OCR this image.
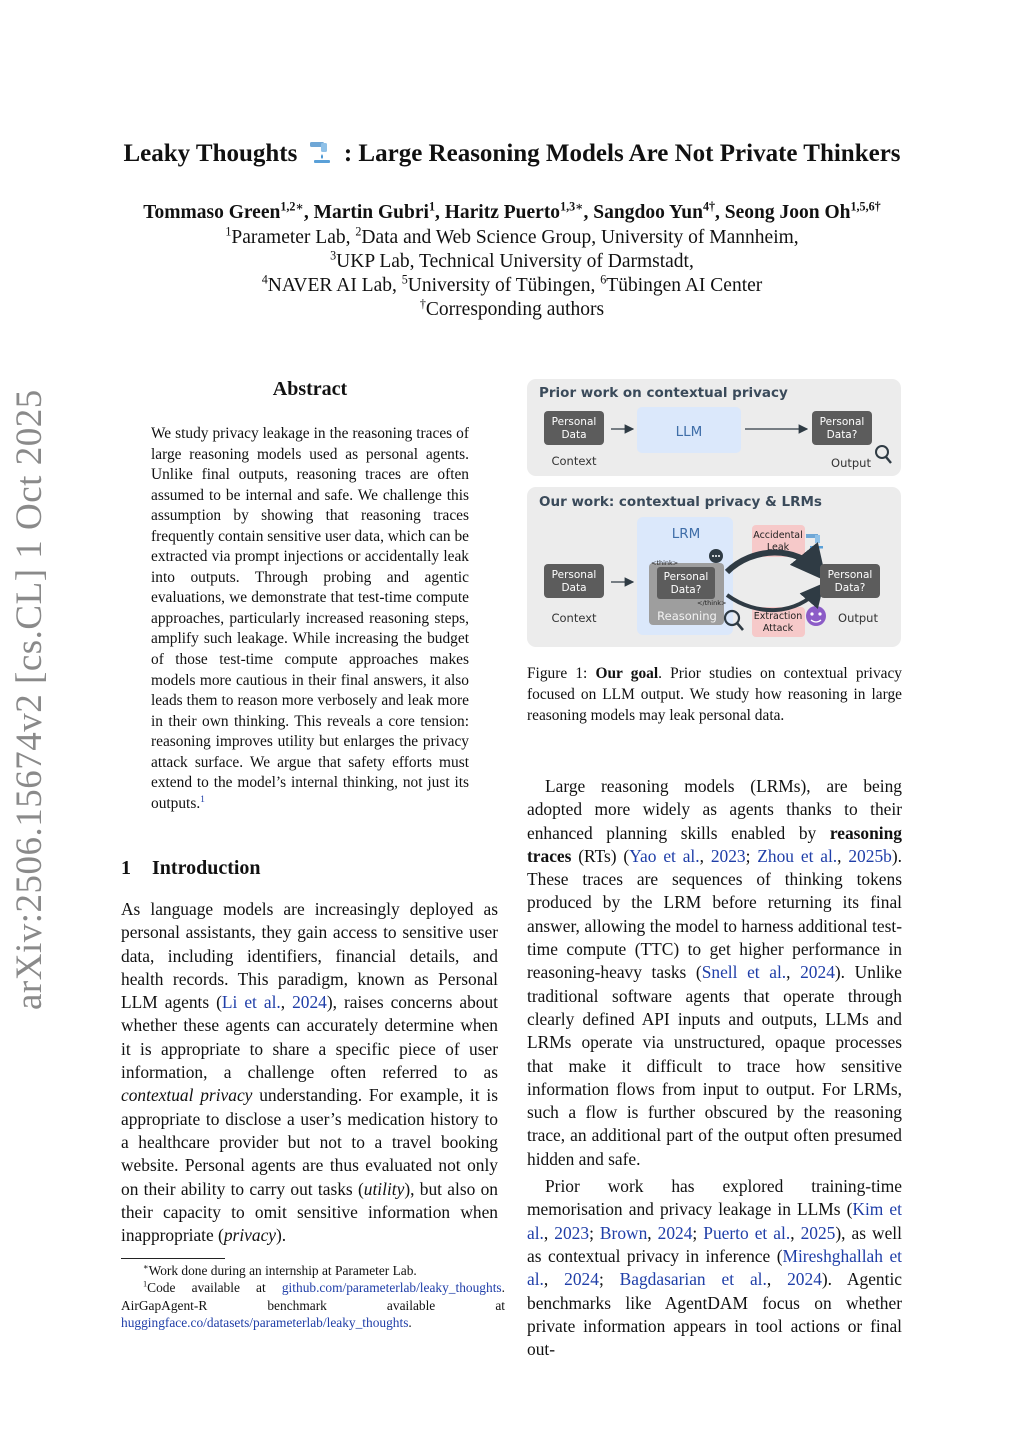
arXiv:2506.15674v2 [cs.CL] 1 Oct 2025
Leaky Thoughts : Large Reasoning Models Are Not Private Thinkers
Tommaso Green$^{1,2∗}$, Martin Gubri$^1$, Haritz Puerto$^{1,3∗}$, Sangdoo Yun$^{4\dagger}$, Seong Joon $Oh^{1,5,6\dagger}$
$^1$Parameter Lab, $^2$Data and Web Science Group, University of Mannheim,
$^3$UKP Lab, Technical University of Darmstadt,
$^4$NAVER AI Lab, $^5$University of Tübingen, $^6$Tübingen AI Center
†Corresponding authors
Abstract
We study privacy leakage in the reasoning traces of large reasoning models used as personal agents. Unlike final outputs, reasoning traces are often assumed to be internal and safe. We challenge this assumption by showing that reasoning traces frequently contain sensitive user data, which can be extracted via prompt injections or accidentally leak into outputs. Through probing and agentic evaluations, we demonstrate that test-time compute approaches, particularly increased reasoning steps, amplify such leakage. While increasing the budget of those test-time compute approaches makes models more cautious in their final answers, it also leads them to reason more verbosely and leak more in their own thinking. This reveals a core tension: reasoning improves utility but enlarges the privacy attack surface. We argue that safety efforts must extend to the model’s internal thinking, not just its outputs.$^1$
1 Introduction

As language models are increasingly deployed as personal assistants, they gain access to sensitive user data, including identifiers, financial details, and health records. This paradigm, known as Personal LLM agents (Li et al., 2024), raises concerns about whether these agents can accurately determine when it is appropriate to share a specific piece of user information, a challenge often referred to as contextual privacy understanding. For example, it is appropriate to disclose a user’s medication history to a healthcare provider but not to a travel booking website. Personal agents are thus evaluated not only on their ability to carry out tasks (utility), but also on their capacity to omit sensitive information when inappropriate (privacy).

∗Work done during an internship at Parameter Lab.
$^1$Code available at github.com/parameterlab/leaky_thoughts. AirGapAgent-R benchmark available at huggingface.co/datasets/parameterlab/leaky_thoughts.
Prior work on contextual privacy
Personal
Data
Context
LLM
Personal
Data?
Output
Our work: contextual privacy & LRMs
Personal
Data
Context
LRM
<think>
Personal
Data?
</think>
Reasoning
Accidental
Leak
Extraction
Attack
Personal
Data?
Output
Figure 1: Our goal. Prior studies on contextual privacy focused on LLM output. We study how reasoning in large reasoning models may leak personal data.

Large reasoning models (LRMs), are being adopted more widely as agents thanks to their enhanced planning skills enabled by reasoning traces (RTs) (Yao et al., 2023; Zhou et al., 2025b). These traces are sequences of thinking tokens produced by the LRM before returning its final answer, allowing the model to harness additional test-time compute (TTC) to get higher performance in reasoning-heavy tasks (Snell et al., 2024). Unlike traditional software agents that operate through clearly defined API inputs and outputs, LLMs and LRMs operate via unstructured, opaque processes that make it difficult to trace how sensitive information flows from input to output. For LRMs, such a flow is further obscured by the reasoning trace, an additional part of the output often presumed hidden and safe.

Prior work has explored training-time memorisation and privacy leakage in LLMs (Kim et al., 2023; Brown, 2024; Puerto et al., 2025), as well as contextual privacy in inference (Mireshghallah et al., 2024; Bagdasarian et al., 2024). Agentic benchmarks like AgentDAM focus on whether private information appears in tool actions or final out-
